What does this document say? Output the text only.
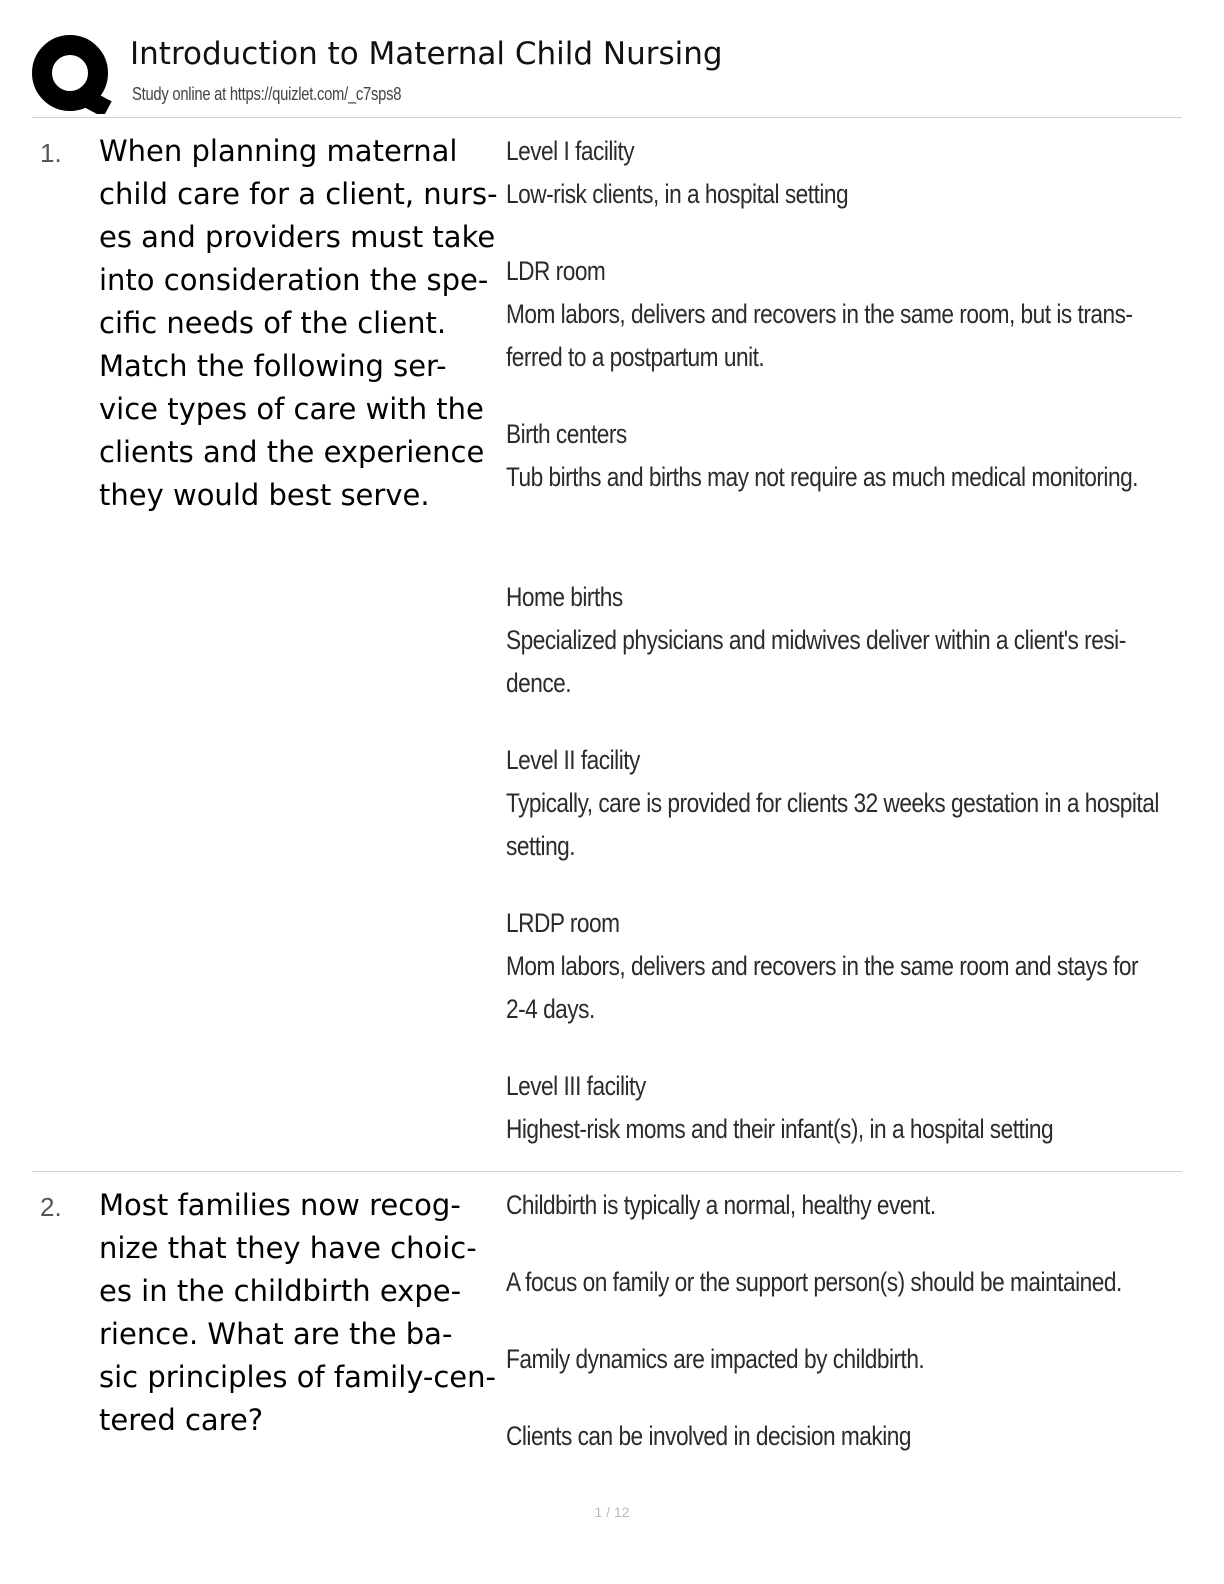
Introduction to Maternal Child Nursing
Study online at https://quizlet.com/_c7sps8
1. When planning maternal
child care for a client, nurs-
es and providers must take
into consideration the spe-
cific needs of the client.
Match the following ser-
vice types of care with the
clients and the experience
they would best serve.
Level I facility
Low-risk clients, in a hospital setting
LDR room
Mom labors, delivers and recovers in the same room, but is trans-
ferred to a postpartum unit.
Birth centers
Tub births and births may not require as much medical monitoring.
Home births
Specialized physicians and midwives deliver within a client's resi-
dence.
Level II facility
Typically, care is provided for clients 32 weeks gestation in a hospital
setting.
LRDP room
Mom labors, delivers and recovers in the same room and stays for
2-4 days.
Level III facility
Highest-risk moms and their infant(s), in a hospital setting
2. Most families now recog-
nize that they have choic-
es in the childbirth expe-
rience. What are the ba-
sic principles of family-cen-
tered care?
Childbirth is typically a normal, healthy event.
A focus on family or the support person(s) should be maintained.
Family dynamics are impacted by childbirth.
Clients can be involved in decision making
1 / 12
